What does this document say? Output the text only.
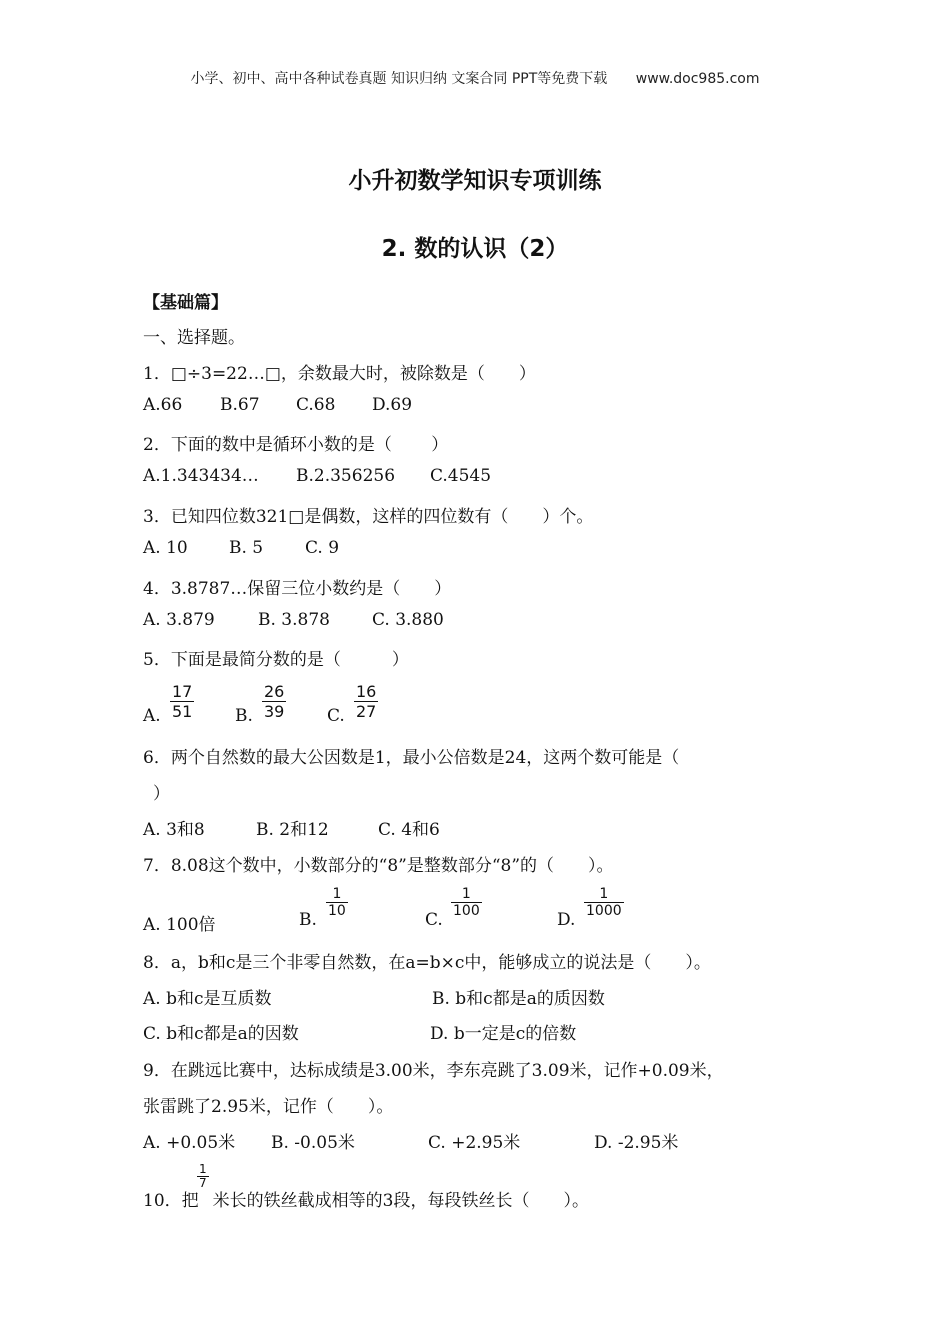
小学、初中、高中各种试卷真题 知识归纳 文案合同 PPT等免费下载 www.doc985.com
小升初数学知识专项训练
2. 数的认识（2）
【基础篇】
一、选择题。
1．□÷3=22…□，余数最大时，被除数是（　　）
A.66 B.67 C.68 D.69
2．下面的数中是循环小数的是（　　 ）
A.1.343434… B.2.356256 C.4545
3．已知四位数321□是偶数，这样的四位数有（　　）个。
A. 10 B. 5 C. 9
4．3.8787…保留三位小数约是（　　）
A. 3.879	B. 3.878 C. 3.880
5．下面是最简分数的是（　　　）
A. $\frac{17}{51} B$. $\frac{26}{39} C$. $\frac{16}{27}$
6．两个自然数的最大公因数是1，最小公倍数是24，这两个数可能是（
）
A. 3和8	B. 2和12	C. 4和6
7．8.08这个数中，小数部分的“8”是整数部分“8”的（　　）。
A. 100倍	B.
$\frac{1}{10}$
C.
$\frac{1}{100}$
D.
$\frac{1}{1000}$
8．a，b和c是三个非零自然数，在a=b×c中，能够成立的说法是（　　）。
A. b和c是互质数	B. b和c都是a的质因数
C. b和c都是a的因数	D. b一定是c的倍数
9．在跳远比赛中，达标成绩是3.00米，李东亮跳了3.09米，记作+0.09米，
张雷跳了2.95米，记作（　　）。
A. +0.05米 B. -0.05米	C. +2.95米	D. -2.95米
10．把 米长的铁丝截成相等的3段，每段铁丝长（　　）。
$\frac{1}{7}$
